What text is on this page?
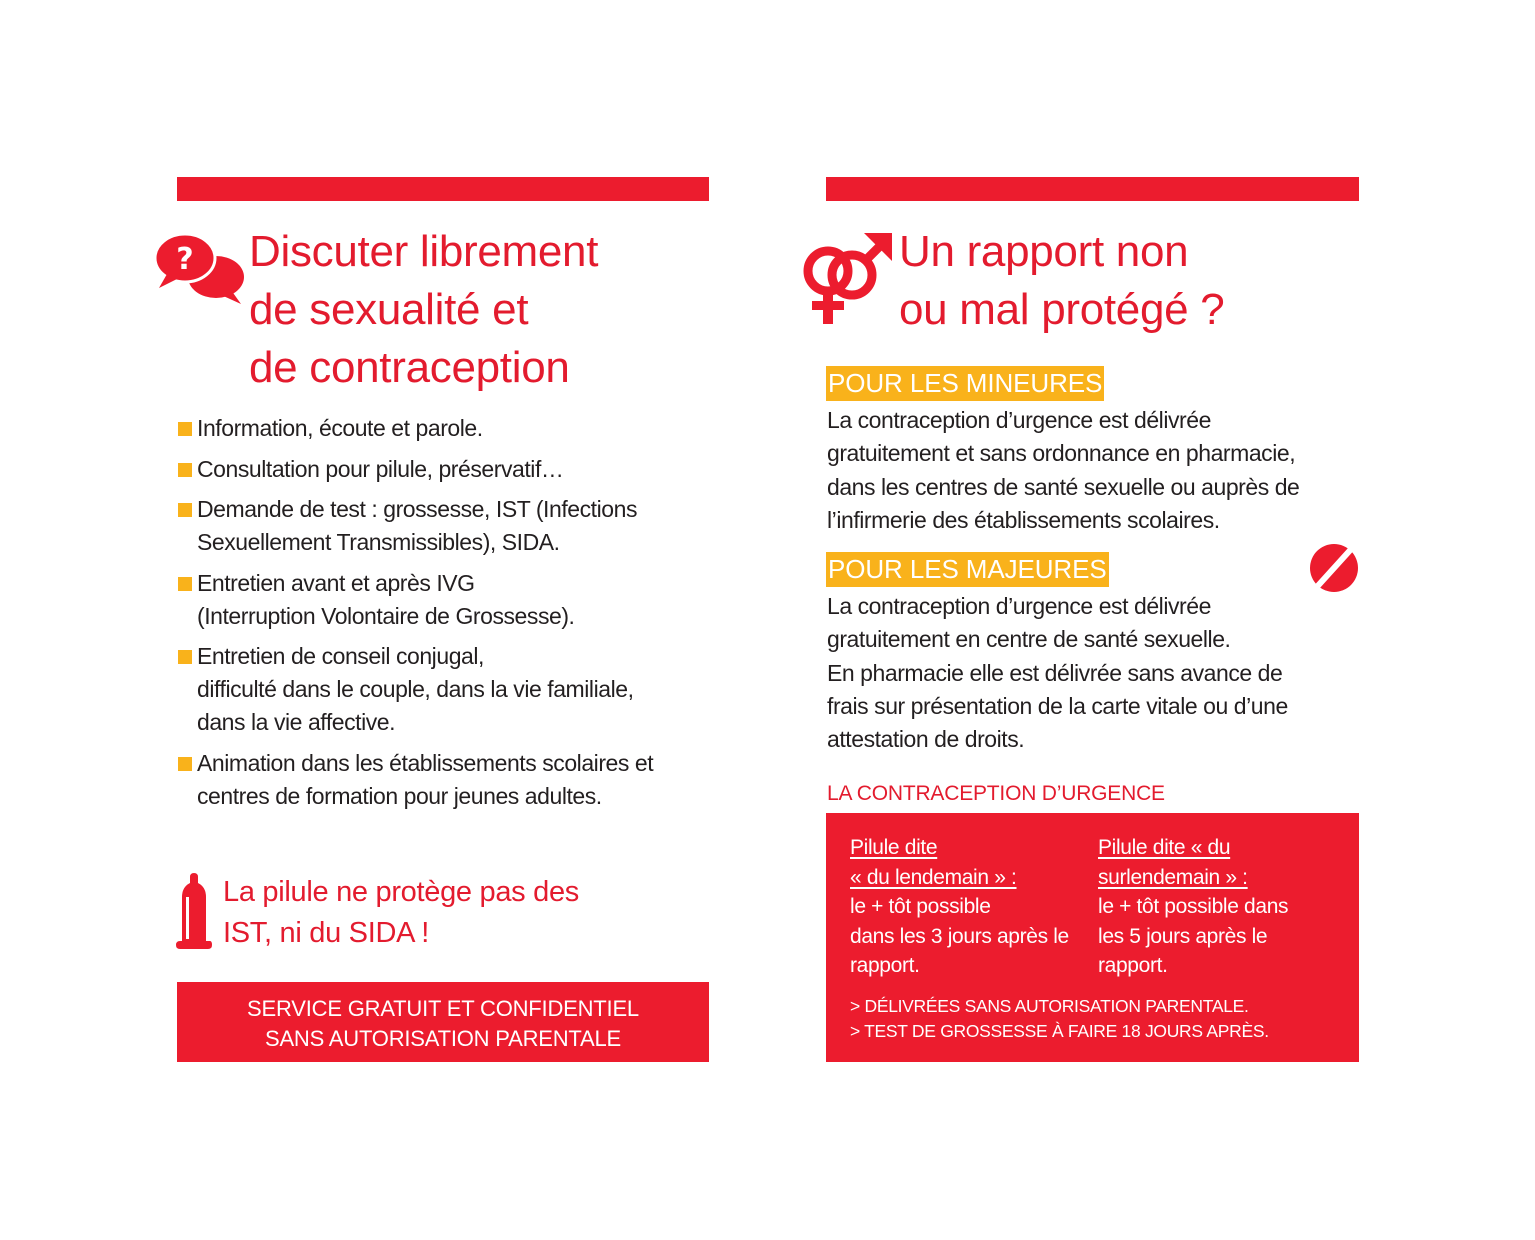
? Discuter librement
de sexualité et
de contraception
Information, écoute et parole.
Consultation pour pilule, préservatif…
Demande de test : grossesse, IST (Infections
Sexuellement Transmissibles), SIDA.
Entretien avant et après IVG
(Interruption Volontaire de Grossesse).
Entretien de conseil conjugal,
difficulté dans le couple, dans la vie familiale,
dans la vie affective.
Animation dans les établissements scolaires et
centres de formation pour jeunes adultes.
La pilule ne protège pas des
IST, ni du SIDA !
SERVICE GRATUIT ET CONFIDENTIEL
SANS AUTORISATION PARENTALE
Un rapport non
ou mal protégé ?
POUR LES MINEURES
La contraception d’urgence est délivrée
gratuitement et sans ordonnance en pharmacie,
dans les centres de santé sexuelle ou auprès de
l’infirmerie des établissements scolaires.
POUR LES MAJEURES
La contraception d’urgence est délivrée
gratuitement en centre de santé sexuelle.
En pharmacie elle est délivrée sans avance de
frais sur présentation de la carte vitale ou d’une
attestation de droits.
LA CONTRACEPTION D’URGENCE
Pilule dite
« du lendemain » :
le + tôt possible
dans les 3 jours après le
rapport.
Pilule dite « du
surlendemain » :
le + tôt possible dans
les 5 jours après le
rapport.
> DÉLIVRÉES SANS AUTORISATION PARENTALE.
> TEST DE GROSSESSE À FAIRE 18 JOURS APRÈS.
